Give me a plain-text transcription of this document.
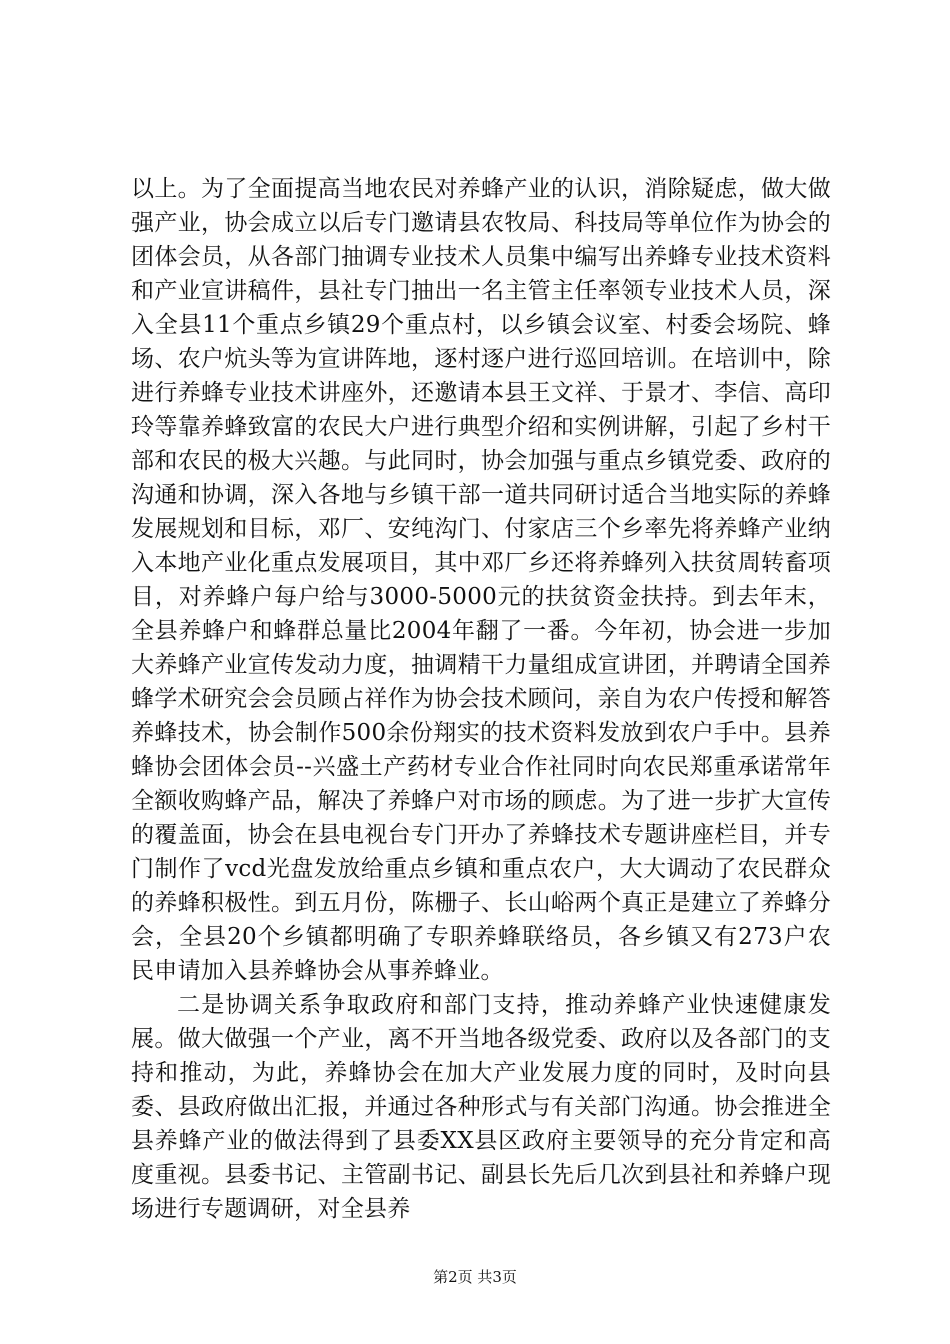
以上。为了全面提高当地农民对养蜂产业的认识，消除疑虑，做大做强产业，协会成立以后专门邀请县农牧局、科技局等单位作为协会的团体会员，从各部门抽调专业技术人员集中编写出养蜂专业技术资料和产业宣讲稿件，县社专门抽出一名主管主任率领专业技术人员，深入全县11个重点乡镇29个重点村，以乡镇会议室、村委会场院、蜂场、农户炕头等为宣讲阵地，逐村逐户进行巡回培训。在培训中，除进行养蜂专业技术讲座外，还邀请本县王文祥、于景才、李信、高印玲等靠养蜂致富的农民大户进行典型介绍和实例讲解，引起了乡村干部和农民的极大兴趣。与此同时，协会加强与重点乡镇党委、政府的沟通和协调，深入各地与乡镇干部一道共同研讨适合当地实际的养蜂发展规划和目标，邓厂、安纯沟门、付家店三个乡率先将养蜂产业纳入本地产业化重点发展项目，其中邓厂乡还将养蜂列入扶贫周转畜项目，对养蜂户每户给与3000-5000元的扶贫资金扶持。到去年末，全县养蜂户和蜂群总量比2004年翻了一番。今年初，协会进一步加大养蜂产业宣传发动力度，抽调精干力量组成宣讲团，并聘请全国养蜂学术研究会会员顾占祥作为协会技术顾问，亲自为农户传授和解答养蜂技术，协会制作500余份翔实的技术资料发放到农户手中。县养蜂协会团体会员--兴盛土产药材专业合作社同时向农民郑重承诺常年全额收购蜂产品，解决了养蜂户对市场的顾虑。为了进一步扩大宣传的覆盖面，协会在县电视台专门开办了养蜂技术专题讲座栏目，并专门制作了vcd光盘发放给重点乡镇和重点农户，大大调动了农民群众的养蜂积极性。到五月份，陈栅子、长山峪两个真正是建立了养蜂分会，全县20个乡镇都明确了专职养蜂联络员，各乡镇又有273户农民申请加入县养蜂协会从事养蜂业。

二是协调关系争取政府和部门支持，推动养蜂产业快速健康发展。做大做强一个产业，离不开当地各级党委、政府以及各部门的支持和推动，为此，养蜂协会在加大产业发展力度的同时，及时向县委、县政府做出汇报，并通过各种形式与有关部门沟通。协会推进全县养蜂产业的做法得到了县委XX县区政府主要领导的充分肯定和高度重视。县委书记、主管副书记、副县长先后几次到县社和养蜂户现场进行专题调研，对全县养

第2页 共3页
